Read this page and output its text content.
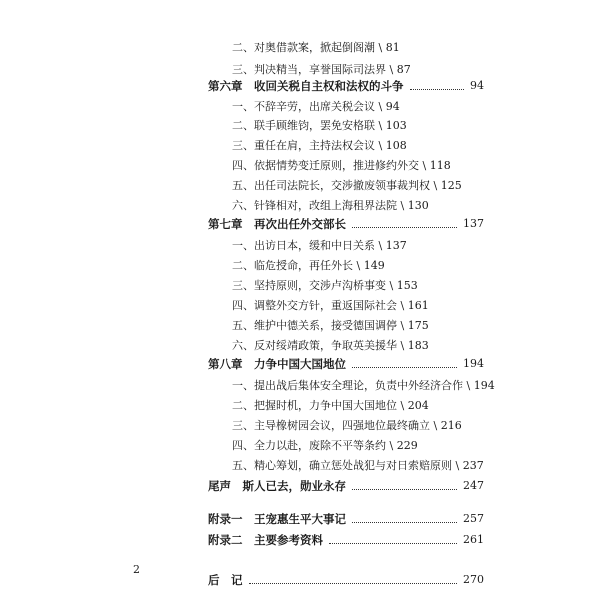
二、对奥借款案，掀起倒阁潮 \ 81
三、判决精当，享誉国际司法界 \ 87
第六章　收回关税自主权和法权的斗争	94
一、不辞辛劳，出席关税会议 \ 94
二、联手顾维钧，罢免安格联 \ 103
三、重任在肩，主持法权会议 \ 108
四、依据情势变迁原则，推进修约外交 \ 118
五、出任司法院长，交涉撤废领事裁判权 \ 125
六、针锋相对，改组上海租界法院 \ 130
第七章　再次出任外交部长	137
一、出访日本，缓和中日关系 \ 137
二、临危授命，再任外长 \ 149
三、坚持原则，交涉卢沟桥事变 \ 153
四、调整外交方针，重返国际社会 \ 161
五、维护中德关系，接受德国调停 \ 175
六、反对绥靖政策，争取英美援华 \ 183
第八章　力争中国大国地位	194
一、提出战后集体安全理论，负责中外经济合作 \ 194
二、把握时机，力争中国大国地位 \ 204
三、主导橡树园会议，四强地位最终确立 \ 216
四、全力以赴，废除不平等条约 \ 229
五、精心筹划，确立惩处战犯与对日索赔原则 \ 237
尾声　斯人已去，勋业永存	247
附录一　王宠惠生平大事记	257
附录二　主要参考资料	261
后　记	270
2
